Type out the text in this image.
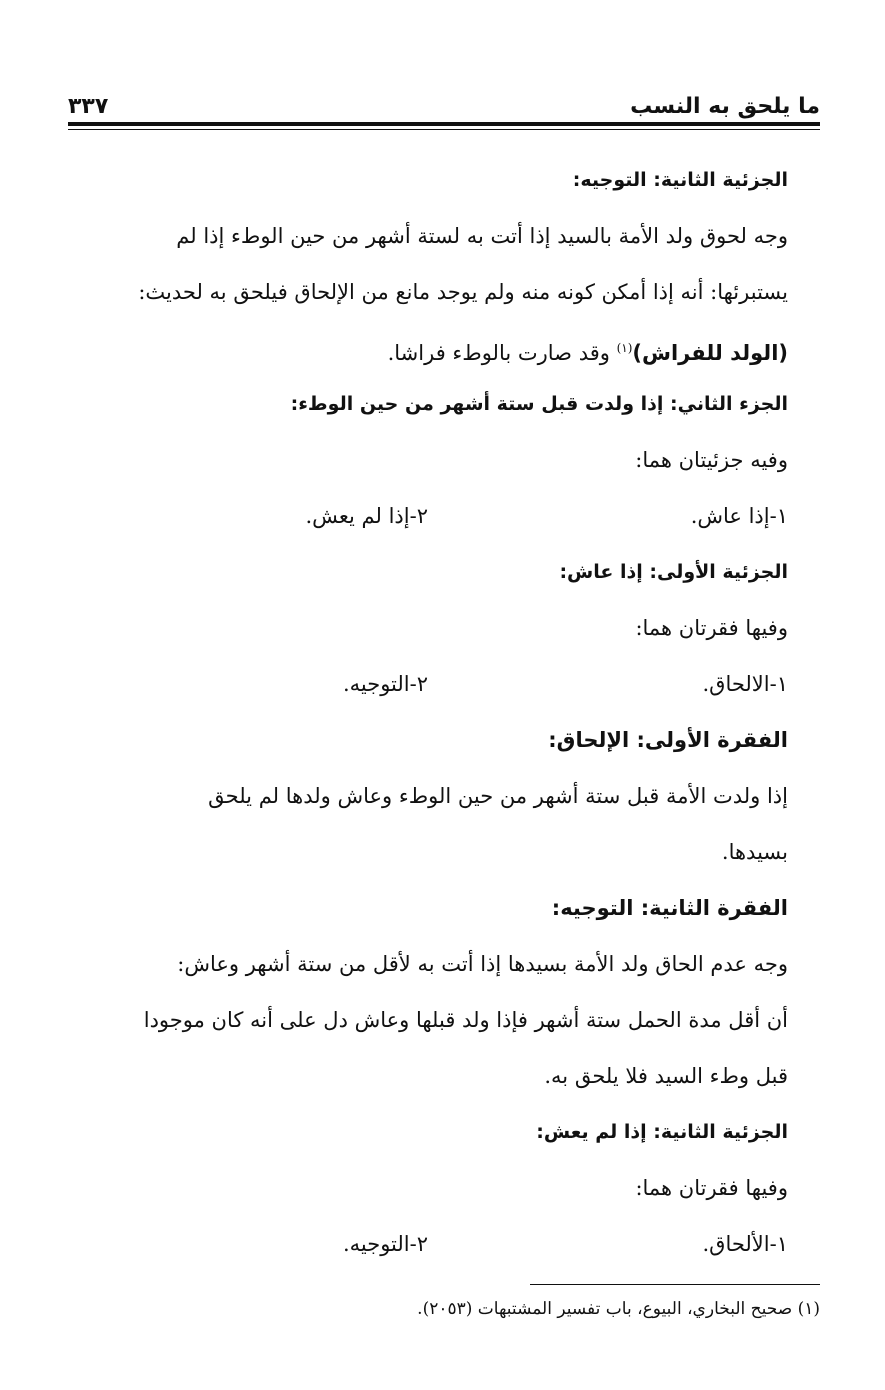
ما يلحق به النسب
٣٣٧
الجزئية الثانية: التوجيه:
وجه لحوق ولد الأمة بالسيد إذا أتت به لستة أشهر من حين الوطء إذا لم
يستبرئها: أنه إذا أمكن كونه منه ولم يوجد مانع من الإلحاق فيلحق به لحديث:
(الولد للفراش)$^{(١)}$ وقد صارت بالوطء فراشا.
الجزء الثاني: إذا ولدت قبل ستة أشهر من حين الوطء:
وفيه جزئيتان هما:
١-إذا عاش.
٢-إذا لم يعش.
الجزئية الأولى: إذا عاش:
وفيها فقرتان هما:
١-الالحاق.
٢-التوجيه.
الفقرة الأولى: الإلحاق:
إذا ولدت الأمة قبل ستة أشهر من حين الوطء وعاش ولدها لم يلحق
بسيدها.
الفقرة الثانية: التوجيه:
وجه عدم الحاق ولد الأمة بسيدها إذا أتت به لأقل من ستة أشهر وعاش:
أن أقل مدة الحمل ستة أشهر فإذا ولد قبلها وعاش دل على أنه كان موجودا
قبل وطء السيد فلا يلحق به.
الجزئية الثانية: إذا لم يعش:
وفيها فقرتان هما:
١-الألحاق.
٢-التوجيه.
(١) صحيح البخاري، البيوع، باب تفسير المشتبهات (٢٠٥٣).
